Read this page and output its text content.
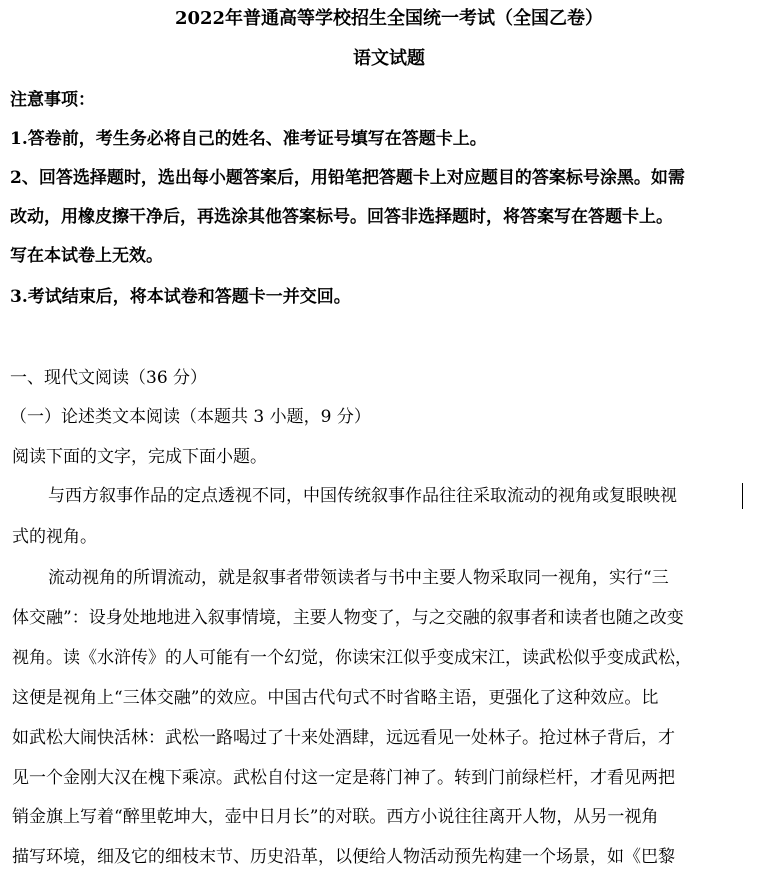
2022年普通高等学校招生全国统一考试（全国乙卷）
语文试题
注意事项：
1.答卷前，考生务必将自己的姓名、准考证号填写在答题卡上。
2、回答选择题时，选出每小题答案后，用铅笔把答题卡上对应题目的答案标号涂黑。如需
改动，用橡皮擦干净后，再选涂其他答案标号。回答非选择题时，将答案写在答题卡上。
写在本试卷上无效。
3.考试结束后，将本试卷和答题卡一并交回。
一、现代文阅读（36 分）
（一）论述类文本阅读（本题共 3 小题，9 分）
阅读下面的文字，完成下面小题。
与西方叙事作品的定点透视不同，中国传统叙事作品往往采取流动的视角或复眼映视
式的视角。
流动视角的所谓流动，就是叙事者带领读者与书中主要人物采取同一视角，实行“三
体交融”：设身处地地进入叙事情境，主要人物变了，与之交融的叙事者和读者也随之改变
视角。读《水浒传》的人可能有一个幻觉，你读宋江似乎变成宋江，读武松似乎变成武松，
这便是视角上“三体交融”的效应。中国古代句式不时省略主语，更强化了这种效应。比
如武松大闹快活林：武松一路喝过了十来处酒肆，远远看见一处林子。抢过林子背后，才
见一个金刚大汉在槐下乘凉。武松自付这一定是蒋门神了。转到门前绿栏杆，才看见两把
销金旗上写着“醉里乾坤大，壶中日月长”的对联。西方小说往往离开人物，从另一视角
描写环境，细及它的细枝末节、历史沿革，以便给人物活动预先构建一个场景，如《巴黎
